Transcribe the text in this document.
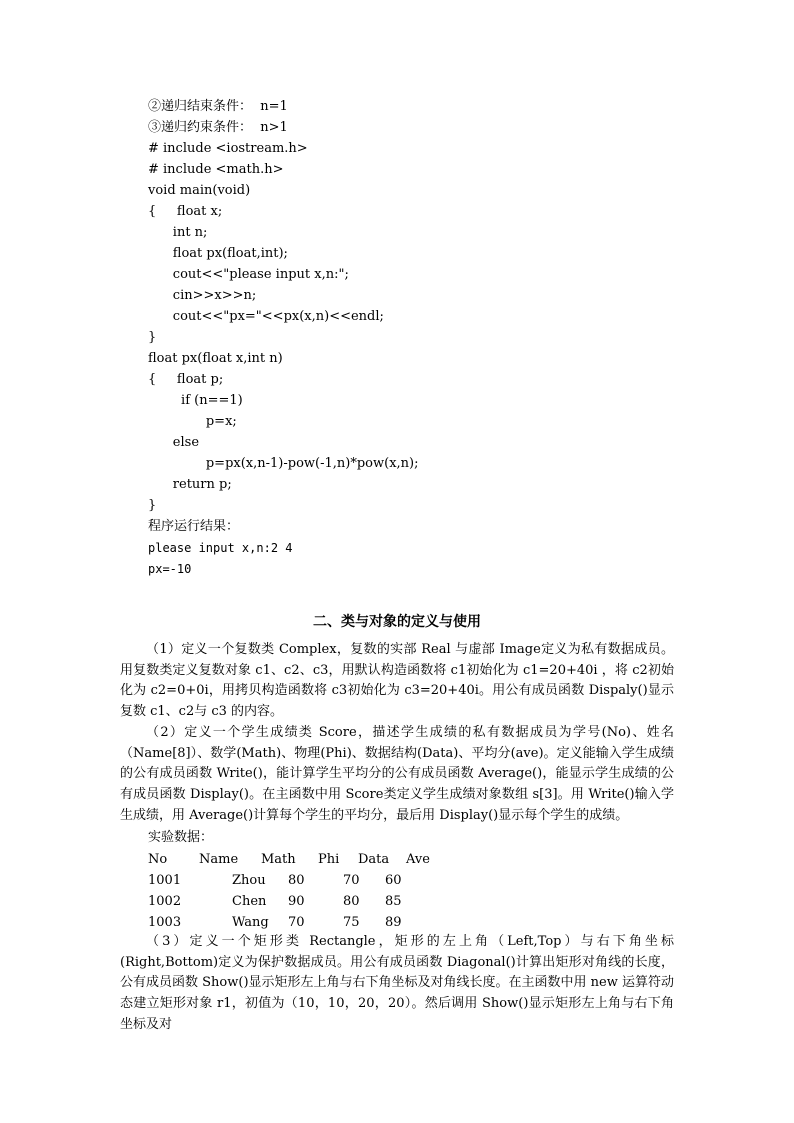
②递归结束条件：  n=1
③递归约束条件：  n>1
# include <iostream.h>
# include <math.h>
void main(void)
{     float x;
int n;
float px(float,int);
cout<<"please input x,n:";
cin>>x>>n;
cout<<"px="<<px(x,n)<<endl;
}
float px(float x,int n)
{     float p;
if (n==1)
p=x;
else
p=px(x,n-1)-pow(-1,n)*pow(x,n);
return p;
}
程序运行结果：
please input x,n:2 4
px=-10
二、类与对象的定义与使用

（1）定义一个复数类 Complex，复数的实部 Real 与虚部 Image定义为私有数据成员。用复数类定义复数对象 c1、c2、c3，用默认构造函数将 c1初始化为 c1=20+40i ，将 c2初始化为 c2=0+0i，用拷贝构造函数将 c3初始化为 c3=20+40i。用公有成员函数 Dispaly()显示复数 c1、c2与 c3 的内容。

（2）定义一个学生成绩类 Score，描述学生成绩的私有数据成员为学号(No)、姓名（Name[8]）、数学(Math)、物理(Phi)、数据结构(Data)、平均分(ave)。定义能输入学生成绩的公有成员函数 Write()，能计算学生平均分的公有成员函数 Average()，能显示学生成绩的公有成员函数 Display()。在主函数中用 Score类定义学生成绩对象数组 s[3]。用 Write()输入学生成绩，用 Average()计算每个学生的平均分，最后用 Display()显示每个学生的成绩。

实验数据：
No Name Math Phi Data Ave
1001	Zhou 80	70 60
1002	Chen 90	80 85
1003	Wang 70	75 89

（3）定义一个矩形类 Rectangle，矩形的左上角（Left,Top）与右下角坐标(Right,Bottom)定义为保护数据成员。用公有成员函数 Diagonal()计算出矩形对角线的长度，公有成员函数 Show()显示矩形左上角与右下角坐标及对角线长度。在主函数中用 new 运算符动态建立矩形对象 r1，初值为（10，10，20，20）。然后调用 Show()显示矩形左上角与右下角坐标及对
